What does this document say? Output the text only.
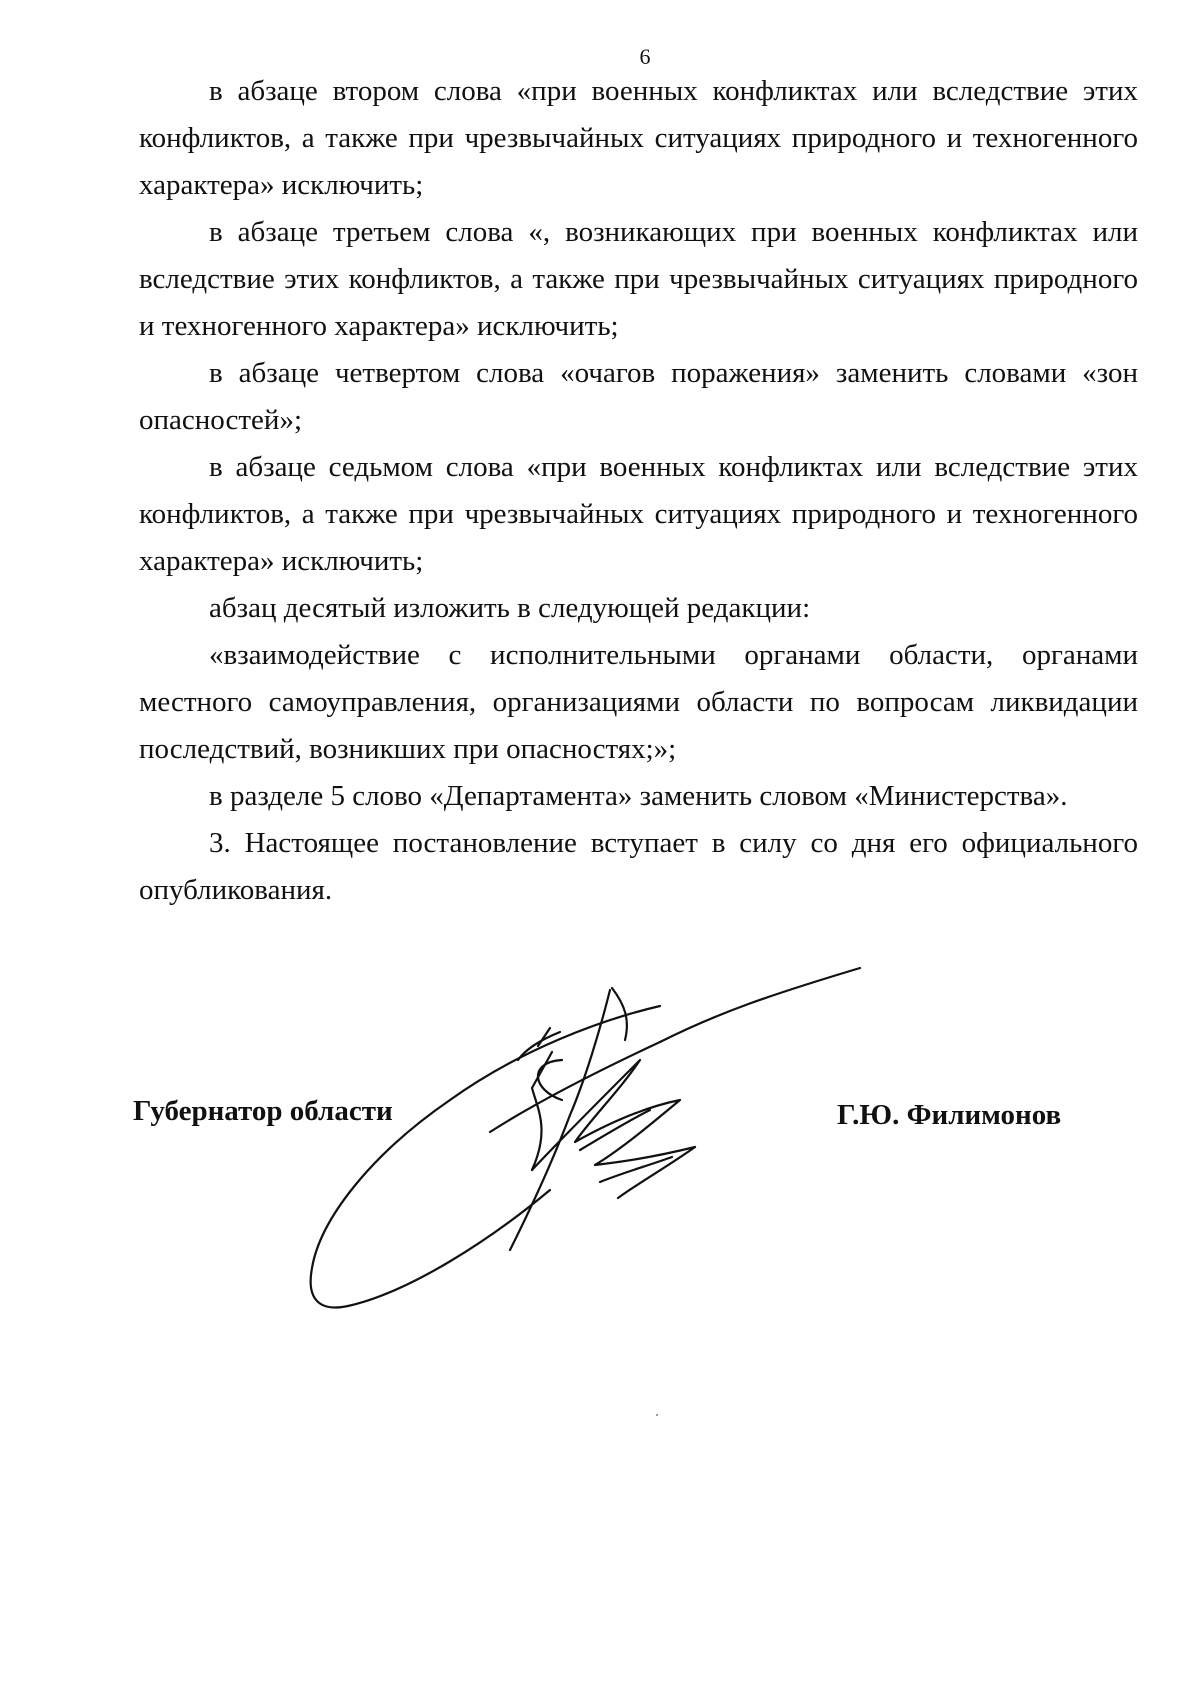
6

в абзаце втором слова «при военных конфликтах или вследствие этих конфликтов, а также при чрезвычайных ситуациях природного и техногенного характера» исключить;

в абзаце третьем слова «, возникающих при военных конфликтах или вследствие этих конфликтов, а также при чрезвычайных ситуациях природного и техногенного характера» исключить;

в абзаце четвертом слова «очагов поражения» заменить словами «зон опасностей»;

в абзаце седьмом слова «при военных конфликтах или вследствие этих конфликтов, а также при чрезвычайных ситуациях природного и техногенного характера» исключить;

абзац десятый изложить в следующей редакции:

«взаимодействие с исполнительными органами области, органами местного самоуправления, организациями области по вопросам ликвидации последствий, возникших при опасностях;»;

в разделе 5 слово «Департамента» заменить словом «Министерства».

3. Настоящее постановление вступает в силу со дня его официального опубликования.

Губернатор области	Г.Ю. Филимонов
